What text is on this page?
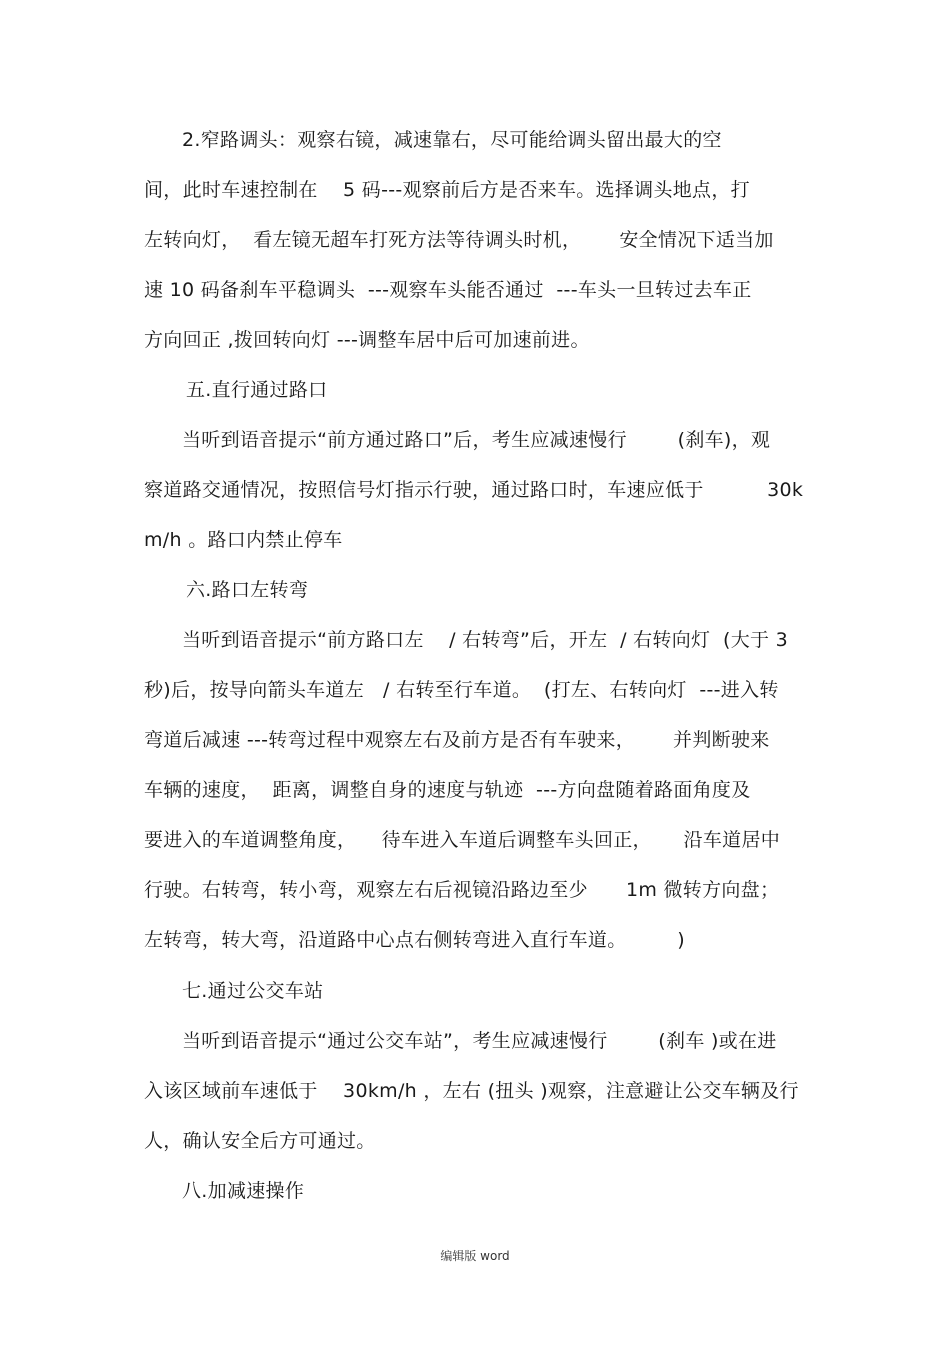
2.窄路调头：观察右镜，减速靠右，尽可能给调头留出最大的空
间，此时车速控制在    5 码---观察前后方是否来车。选择调头地点，打
左转向灯，  看左镜无超车打死方法等待调头时机，      安全情况下适当加
速 10 码备刹车平稳调头  ---观察车头能否通过  ---车头一旦转过去车正
方向回正 ,拨回转向灯 ---调整车居中后可加速前进。
五.直行通过路口
当听到语音提示“前方通过路口”后，考生应减速慢行        (刹车)，观
察道路交通情况，按照信号灯指示行驶，通过路口时，车速应低于          30k
m/h 。路口内禁止停车
六.路口左转弯
当听到语音提示“前方路口左    / 右转弯”后，开左  / 右转向灯  (大于 3
秒)后，按导向箭头车道左   / 右转至行车道。  (打左、右转向灯  ---进入转
弯道后减速 ---转弯过程中观察左右及前方是否有车驶来，      并判断驶来
车辆的速度，  距离，调整自身的速度与轨迹  ---方向盘随着路面角度及
要进入的车道调整角度，    待车进入车道后调整车头回正，     沿车道居中
行驶。右转弯，转小弯，观察左右后视镜沿路边至少      1m 微转方向盘；
左转弯，转大弯，沿道路中心点右侧转弯进入直行车道。        )
七.通过公交车站
当听到语音提示“通过公交车站”，考生应减速慢行        (刹车 )或在进
入该区域前车速低于    30km/h ，左右 (扭头 )观察，注意避让公交车辆及行
人，确认安全后方可通过。
八.加减速操作
编辑版 word
